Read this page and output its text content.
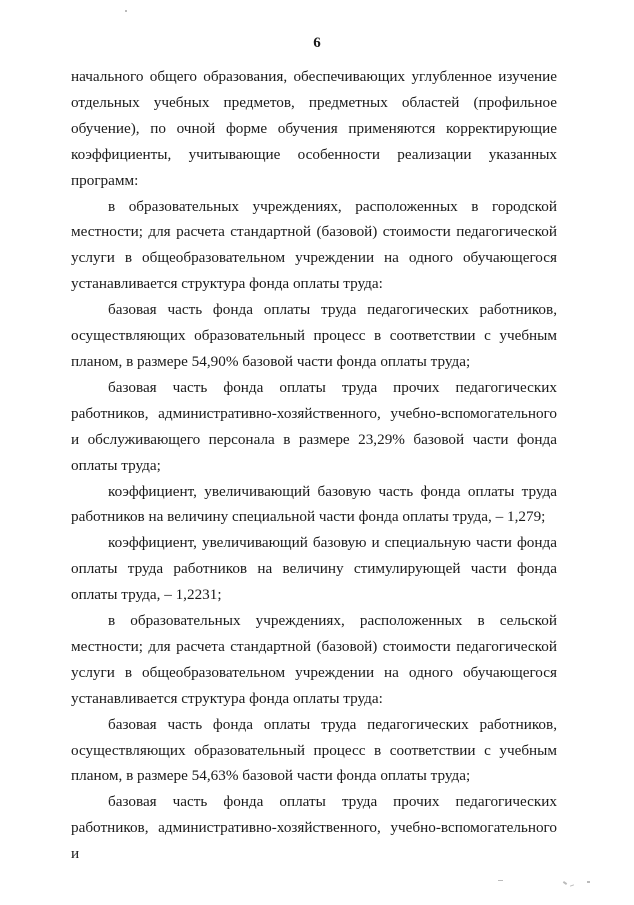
6

начального общего образования, обеспечивающих углубленное изучение отдельных учебных предметов, предметных областей (профильное обучение), по очной форме обучения применяются корректирующие коэффициенты, учитывающие особенности реализации указанных программ:

в образовательных учреждениях, расположенных в городской местности; для расчета стандартной (базовой) стоимости педагогической услуги в общеобразовательном учреждении на одного обучающегося устанавливается структура фонда оплаты труда:

базовая часть фонда оплаты труда педагогических работников, осуществляющих образовательный процесс в соответствии с учебным планом, в размере 54,90% базовой части фонда оплаты труда;

базовая часть фонда оплаты труда прочих педагогических работников, административно-хозяйственного, учебно-вспомогательного и обслуживающего персонала в размере 23,29% базовой части фонда оплаты труда;

коэффициент, увеличивающий базовую часть фонда оплаты труда работников на величину специальной части фонда оплаты труда, – 1,279;

коэффициент, увеличивающий базовую и специальную части фонда оплаты труда работников на величину стимулирующей части фонда оплаты труда, – 1,2231;

в образовательных учреждениях, расположенных в сельской местности; для расчета стандартной (базовой) стоимости педагогической услуги в общеобразовательном учреждении на одного обучающегося устанавливается структура фонда оплаты труда:

базовая часть фонда оплаты труда педагогических работников, осуществляющих образовательный процесс в соответствии с учебным планом, в размере 54,63% базовой части фонда оплаты труда;

базовая часть фонда оплаты труда прочих педагогических работников, административно-хозяйственного, учебно-вспомогательного и
